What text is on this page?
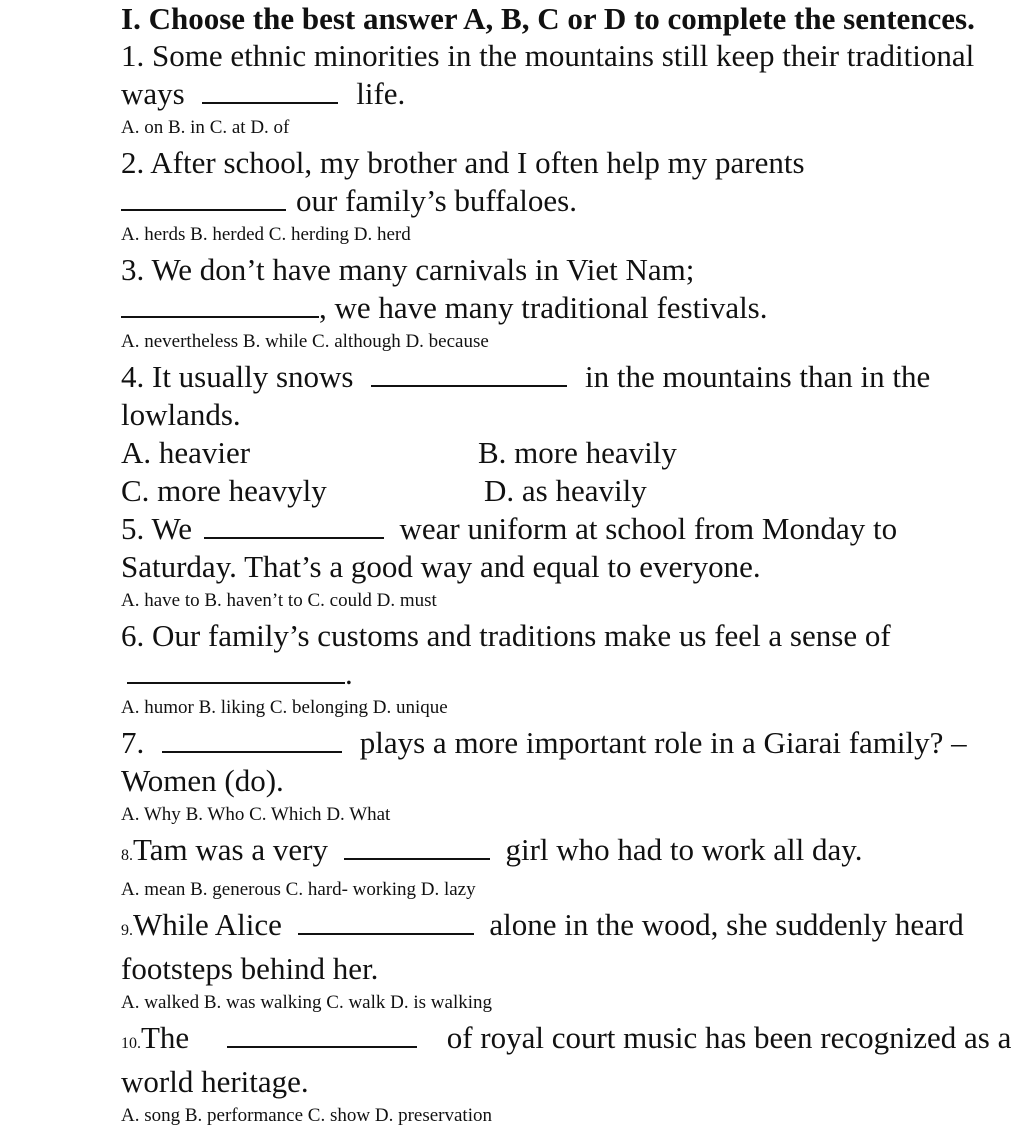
I. Choose the best answer A, B, C or D to complete the sentences.

1. Some ethnic minorities in the mountains still keep their traditional ways	life.

A. on B. in C. at D. of

2. After school, my brother and I often help my parents
our family’s buffaloes.

A. herds B. herded C. herding D. herd

3. We don’t have many carnivals in Viet Nam;
, we have many traditional festivals.

A. nevertheless B. while C. although D. because

4. It usually snows	in the mountains than in the lowlands.

A. heavier	B. more heavily
C. more heavyly	D. as heavily

5. We	wear uniform at school from Monday to Saturday. That’s a good way and equal to everyone.

A. have to B. haven’t to C. could D. must

6. Our family’s customs and traditions make us feel a sense of.

A. humor B. liking C. belonging D. unique

7.	plays a more important role in a Giarai family? – Women (do).

A. Why B. Who C. Which D. What

8.Tam was a very	girl who had to work all day.

A. mean B. generous C. hard- working D. lazy

9.While Alice	alone in the wood, she suddenly heard footsteps behind her.

A. walked B. was walking C. walk D. is walking

10.The	of royal court music has been recognized as a world heritage.

A. song B. performance C. show D. preservation
